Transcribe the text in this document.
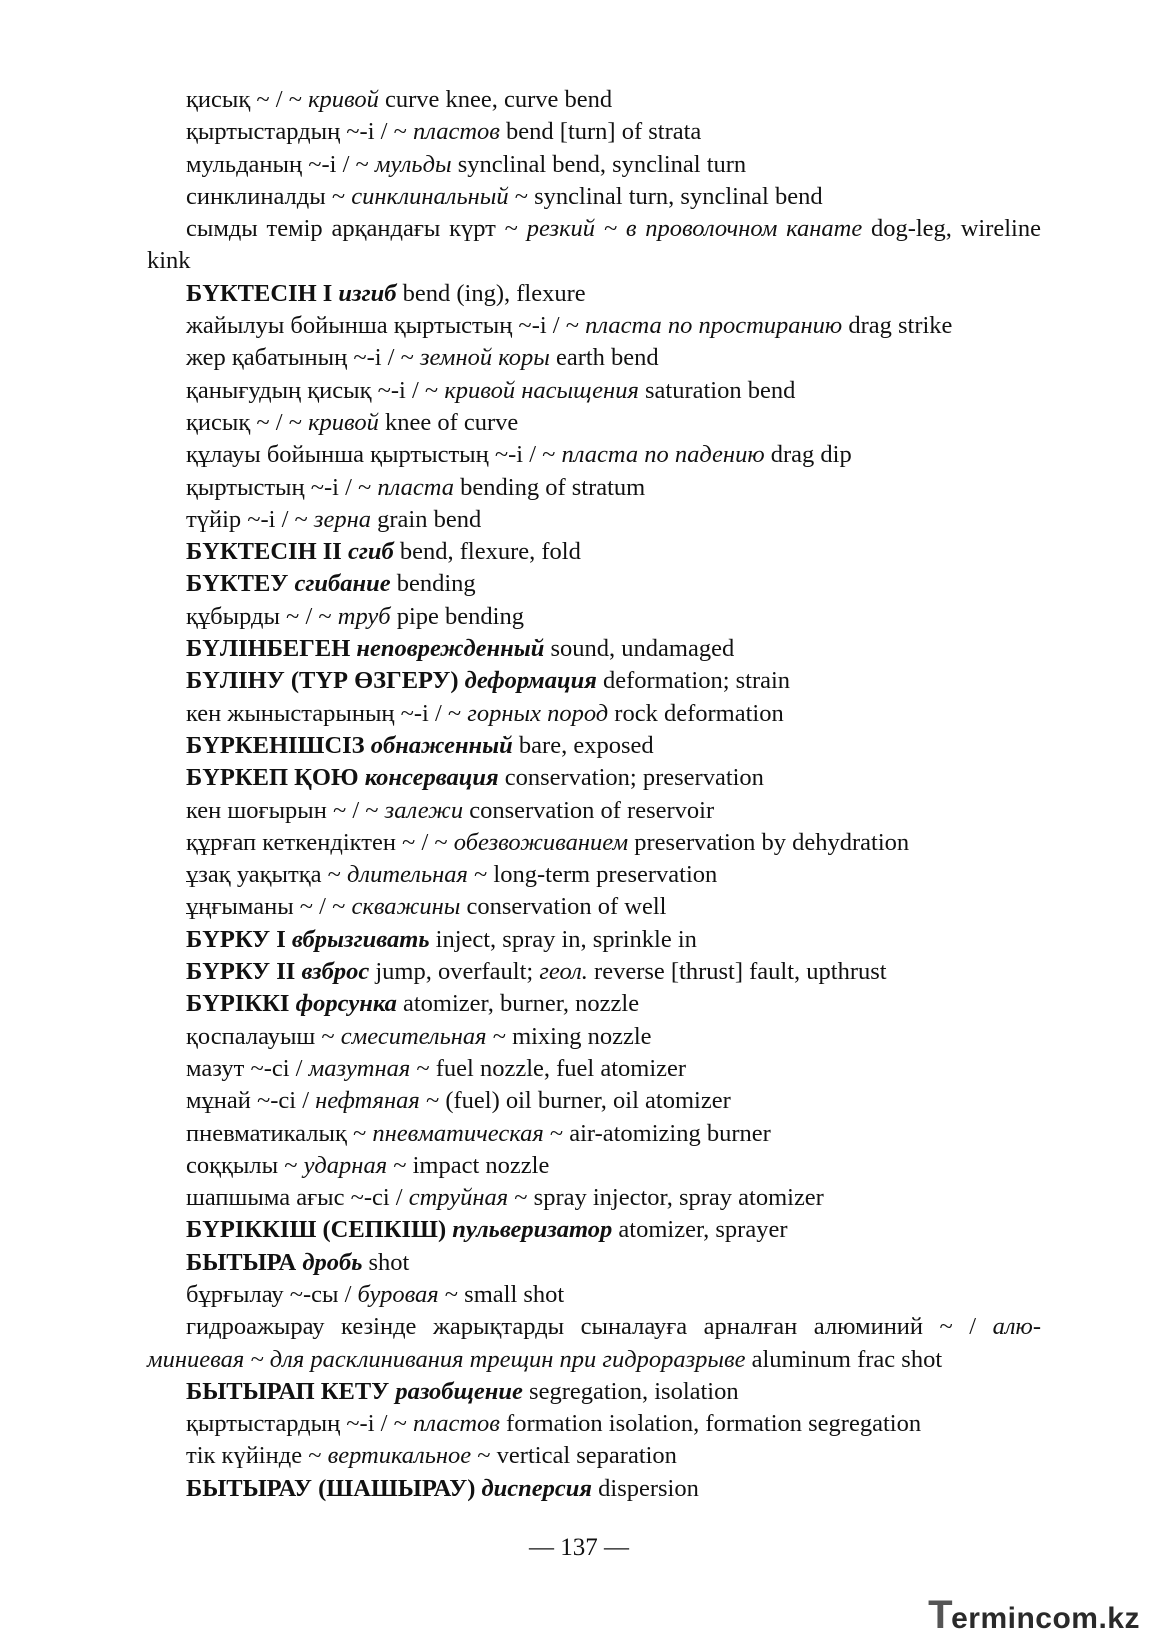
қисық ~ / ~ кривой curve knee, curve bend

қыртыстардың ~-і / ~ пластов bend [turn] of strata

мульданың ~-і / ~ мульды synclinal bend, synclinal turn

синклиналды ~ синклинальный ~ synclinal turn, synclinal bend

сымды темір арқандағы күрт ~ резкий ~ в проволочном канате dog-leg, wireline kink

БҮКТЕСІН I изгиб bend (ing), flexure

жайылуы бойынша қыртыстың ~-і / ~ пласта по простиранию drag strike

жер қабатының ~-і / ~ земной коры earth bend

қанығудың қисық ~-і / ~ кривой насыщения saturation bend

қисық ~ / ~ кривой knee of curve

құлауы бойынша қыртыстың ~-і / ~ пласта по падению drag dip

қыртыстың ~-і / ~ пласта bending of stratum

түйір ~-і / ~ зерна grain bend

БҮКТЕСІН II сгиб bend, flexure, fold

БҮКТЕУ сгибание bending

құбырды ~ / ~ труб pipe bending

БҮЛІНБЕГЕН неповрежденный sound, undamaged

БҮЛІНУ (ТҮР ӨЗГЕРУ) деформация deformation; strain

кен жыныстарының ~-і / ~ горных пород rock deformation

БҮРКЕНІШСІЗ обнаженный bare, exposed

БҮРКЕП ҚОЮ консервация conservation; preservation

кен шоғырын ~ / ~ залежи conservation of reservoir

құрғап кеткендіктен ~ / ~ обезвоживанием preservation by dehydration

ұзақ уақытқа ~ длительная ~ long-term preservation

ұңғыманы ~ / ~ скважины conservation of well

БҮРКУ I вбрызгивать inject, spray in, sprinkle in

БҮРКУ II взброс jump, overfault; геол. reverse [thrust] fault, upthrust

БҮРІККІ форсунка atomizer, burner, nozzle

қоспалауыш ~ смесительная ~ mixing nozzle

мазут ~-сі / мазутная ~ fuel nozzle, fuel atomizer

мұнай ~-сі / нефтяная ~ (fuel) oil burner, oil atomizer

пневматикалық ~ пневматическая ~ air-atomizing burner

соққылы ~ ударная ~ impact nozzle

шапшыма ағыс ~-сі / струйная ~ spray injector, spray atomizer

БҮРІККІШ (СЕПКІШ) пульверизатор atomizer, sprayer

БЫТЫРА дробь shot

бұрғылау ~-сы / буровая ~ small shot

гидроажырау кезінде жарықтарды сыналауға арналған алюминий ~ / алю-миниевая ~ для расклинивания трещин при гидроразрыве aluminum frac shot

БЫТЫРАП КЕТУ разобщение segregation, isolation

қыртыстардың ~-і / ~ пластов formation isolation, formation segregation

тік күйінде ~ вертикальное ~ vertical separation

БЫТЫРАУ (ШАШЫРАУ) дисперсия dispersion

— 137 —
Termincom.kz
